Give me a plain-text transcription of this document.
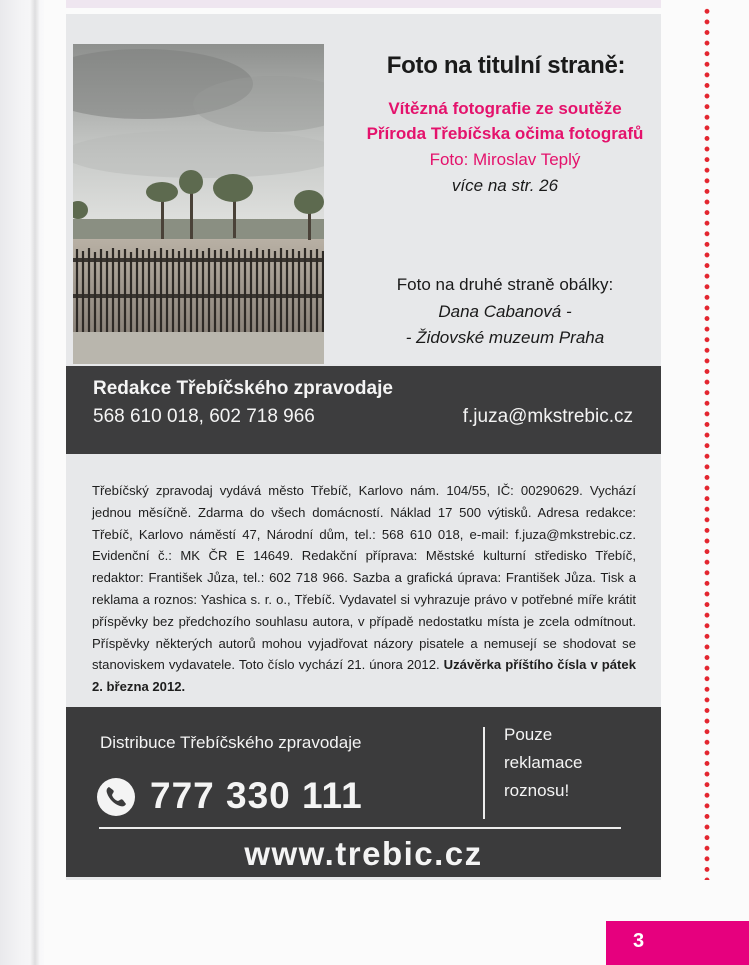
Foto na titulní straně:
Vítězná fotografie ze soutěže
Příroda Třebíčska očima fotografů
Foto: Miroslav Teplý
více na str. 26
Foto na druhé straně obálky:
Dana Cabanová -
- Židovské muzeum Praha
Redakce Třebíčského zpravodaje
568 610 018, 602 718 966	f.juza@mkstrebic.cz
Třebíčský zpravodaj vydává město Třebíč, Karlovo nám. 104/55, IČ: 00290629. Vychází jednou měsíčně. Zdarma do všech domácností. Náklad 17 500 výtisků. Adresa redakce: Třebíč, Karlovo náměstí 47, Národní dům, tel.: 568 610 018, e-mail: f.juza@mkstrebic.cz. Evidenční č.: MK ČR E 14649. Redakční příprava: Městské kulturní středisko Třebíč, redaktor: František Jůza, tel.: 602 718 966. Sazba a grafická úprava: František Jůza. Tisk a reklama a roznos: Yashica s. r. o., Třebíč. Vydavatel si vyhrazuje právo v potřebné míře krátit příspěvky bez předchozího souhlasu autora, v případě nedostatku místa je zcela odmítnout. Příspěvky některých autorů mohou vyjadřovat názory pisatele a nemusejí se shodovat se stanoviskem vydavatele. Toto číslo vychází 21. února 2012. Uzávěrka příštího čísla v pátek 2. března 2012.
Distribuce Třebíčského zpravodaje
777 330 111
Pouze
reklamace
roznosu!
www.trebic.cz
3
